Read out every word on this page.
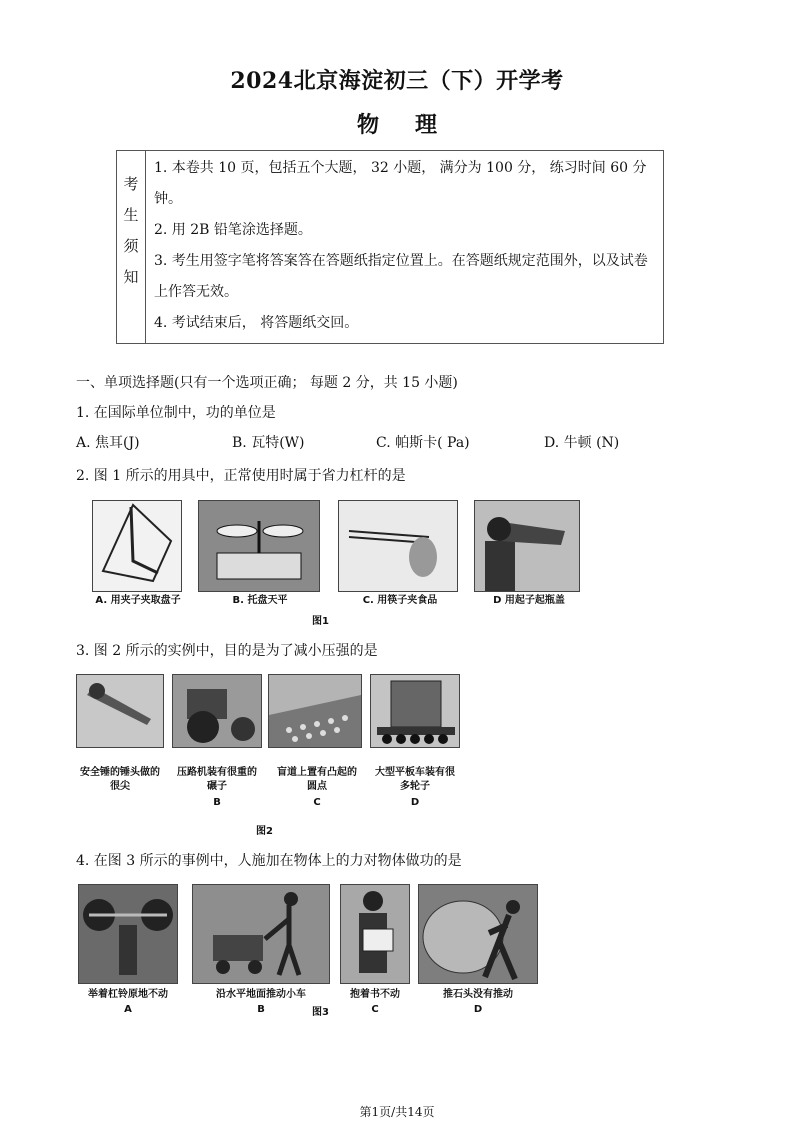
2024北京海淀初三（下）开学考
物理
考
生
须
知

1. 本卷共 10 页，包括五个大题， 32 小题， 满分为 100 分， 练习时间 60 分钟。

2. 用 2B 铅笔涂选择题。

3. 考生用签字笔将答案答在答题纸指定位置上。在答题纸规定范围外，以及试卷上作答无效。

4. 考试结束后， 将答题纸交回。

一、单项选择题(只有一个选项正确； 每题 2 分，共 15 小题)
1. 在国际单位制中，功的单位是
A. 焦耳(J)	B. 瓦特(W)	C. 帕斯卡( Pa)	D. 牛顿 (N)
2. 图 1 所示的用具中，正常使用时属于省力杠杆的是
A. 用夹子夹取盘子	B. 托盘天平	C. 用筷子夹食品	D 用起子起瓶盖
图1
3. 图 2 所示的实例中，目的是为了减小压强的是
安全锤的锤头做的很尖
压路机装有很重的碾子
盲道上置有凸起的圆点
大型平板车装有很多轮子
B	C	D
图2
4. 在图 3 所示的事例中，人施加在物体上的力对物体做功的是
举着杠铃原地不动	沿水平地面推动小车	抱着书不动	推石头没有推动
A	B	C	D
图3
第1页/共14页
